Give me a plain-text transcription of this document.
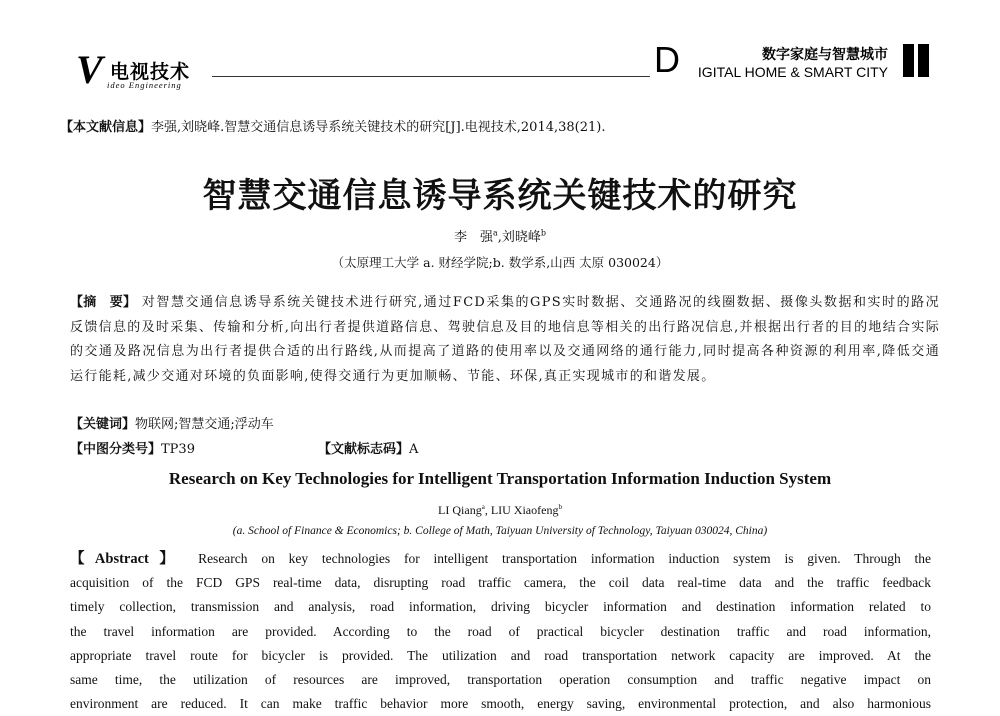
V 电视技术
ideo Engineering
D	数字家庭与智慧城市
IGITAL HOME & SMART CITY
【本文献信息】李强,刘晓峰.智慧交通信息诱导系统关键技术的研究[J].电视技术,2014,38(21).
智慧交通信息诱导系统关键技术的研究
李　强$^a$,刘晓峰$^b$
（太原理工大学 a. 财经学院;b. 数学系,山西 太原 030024）
【摘　要】 对智慧交通信息诱导系统关键技术进行研究,通过FCD采集的GPS实时数据、交通路况的线圈数据、摄像头数据和实时的路况反馈信息的及时采集、传输和分析,向出行者提供道路信息、驾驶信息及目的地信息等相关的出行路况信息,并根据出行者的目的地结合实际的交通及路况信息为出行者提供合适的出行路线,从而提高了道路的使用率以及交通网络的通行能力,同时提高各种资源的利用率,降低交通运行能耗,减少交通对环境的负面影响,使得交通行为更加顺畅、节能、环保,真正实现城市的和谐发展。
【关键词】物联网;智慧交通;浮动车
【中图分类号】TP39	【文献标志码】A
Research on Key Technologies for Intelligent Transportation Information Induction System
LI Qiang$^a$, LIU Xiaofeng$^b$
(a. School of Finance & Economics; b. College of Math, Taiyuan University of Technology, Taiyuan 030024, China)
【Abstract】 Research on key technologies for intelligent transportation information induction system is given. Through the
acquisition of the FCD GPS real-time data, disrupting road traffic camera, the coil data real-time data and the traffic feedback
timely collection, transmission and analysis, road information, driving bicycler information and destination information related to
the travel information are provided. According to the road of practical bicycler destination traffic and road information,
appropriate travel route for bicycler is provided. The utilization and road transportation network capacity are improved. At the
same time, the utilization of resources are improved, transportation operation consumption and traffic negative impact on
environment are reduced. It can make traffic behavior more smooth, energy saving, environmental protection, and also harmonious
